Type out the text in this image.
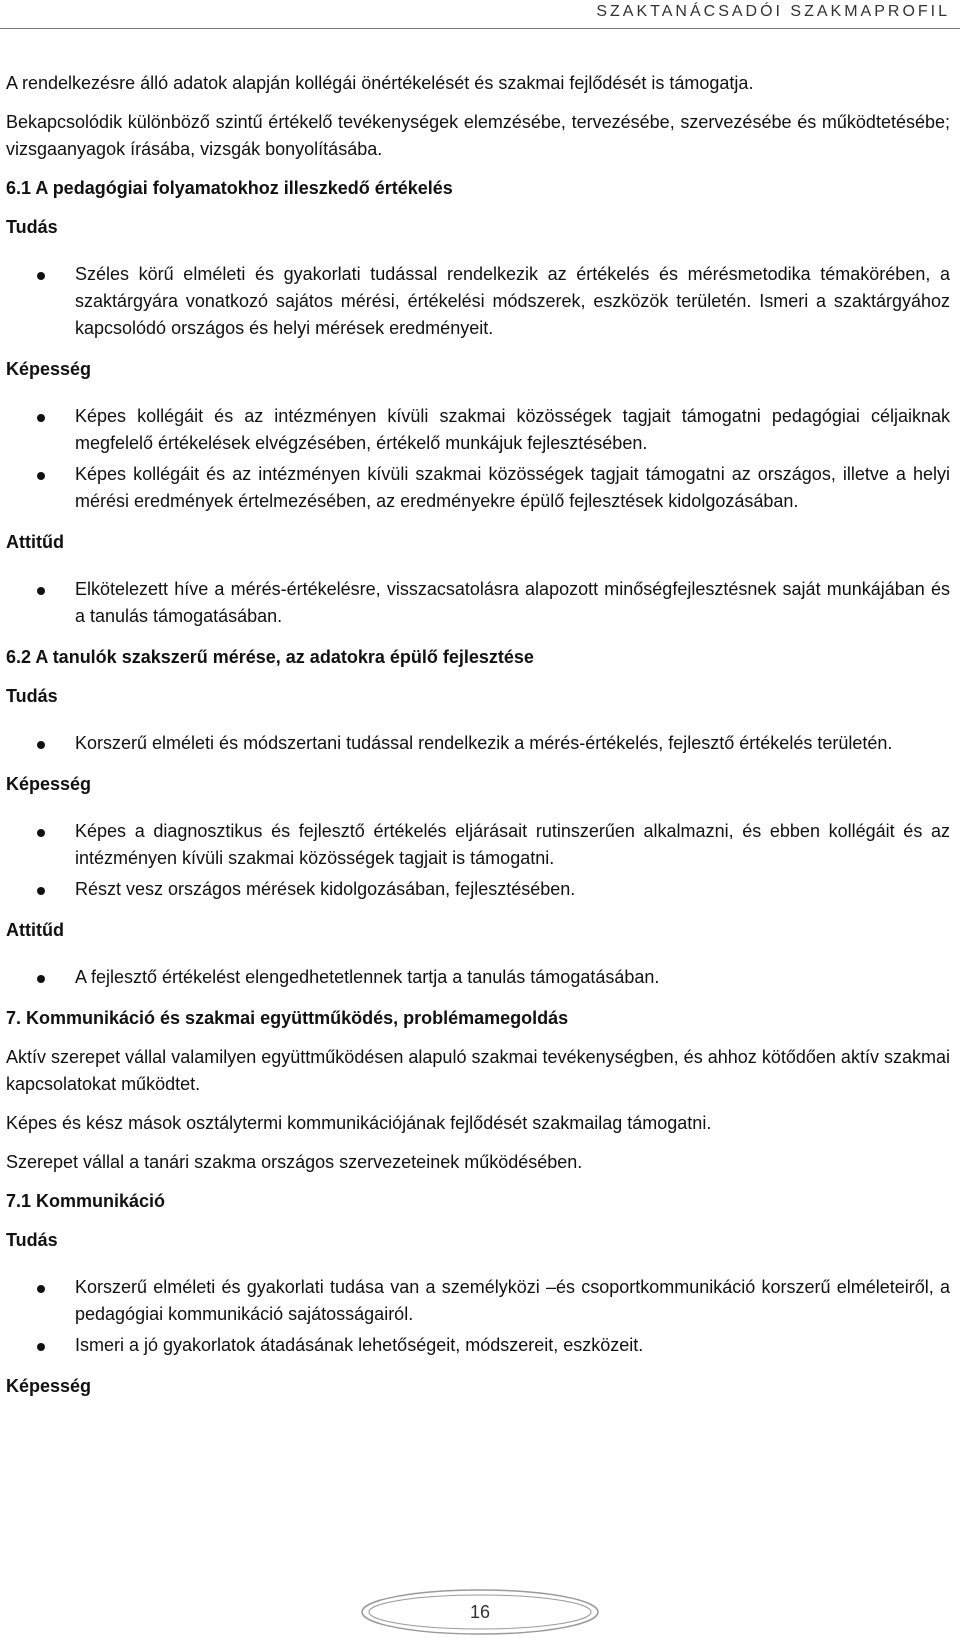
SZAKTANÁCSADÓI SZAKMAPROFIL

A rendelkezésre álló adatok alapján kollégái önértékelését és szakmai fejlődését is támogatja.

Bekapcsolódik különböző szintű értékelő tevékenységek elemzésébe, tervezésébe, szervezésébe és működtetésébe; vizsgaanyagok írásába, vizsgák bonyolításába.

6.1 A pedagógiai folyamatokhoz illeszkedő értékelés
Tudás
Széles körű elméleti és gyakorlati tudással rendelkezik az értékelés és mérésmetodika témakörében, a szaktárgyára vonatkozó sajátos mérési, értékelési módszerek, eszközök területén. Ismeri a szaktárgyához kapcsolódó országos és helyi mérések eredményeit.
Képesség
Képes kollégáit és az intézményen kívüli szakmai közösségek tagjait támogatni pedagógiai céljaiknak megfelelő értékelések elvégzésében, értékelő munkájuk fejlesztésében.
Képes kollégáit és az intézményen kívüli szakmai közösségek tagjait támogatni az országos, illetve a helyi mérési eredmények értelmezésében, az eredményekre épülő fejlesztések kidolgozásában.
Attitűd
Elkötelezett híve a mérés-értékelésre, visszacsatolásra alapozott minőségfejlesztésnek saját munkájában és a tanulás támogatásában.
6.2 A tanulók szakszerű mérése, az adatokra épülő fejlesztése
Tudás
Korszerű elméleti és módszertani tudással rendelkezik a mérés-értékelés, fejlesztő értékelés területén.
Képesség
Képes a diagnosztikus és fejlesztő értékelés eljárásait rutinszerűen alkalmazni, és ebben kollégáit és az intézményen kívüli szakmai közösségek tagjait is támogatni.
Részt vesz országos mérések kidolgozásában, fejlesztésében.
Attitűd
A fejlesztő értékelést elengedhetetlennek tartja a tanulás támogatásában.
7. Kommunikáció és szakmai együttműködés, problémamegoldás

Aktív szerepet vállal valamilyen együttműködésen alapuló szakmai tevékenységben, és ahhoz kötődően aktív szakmai kapcsolatokat működtet.

Képes és kész mások osztálytermi kommunikációjának fejlődését szakmailag támogatni.

Szerepet vállal a tanári szakma országos szervezeteinek működésében.

7.1 Kommunikáció
Tudás
Korszerű elméleti és gyakorlati tudása van a személyközi –és csoportkommunikáció korszerű elméleteiről, a pedagógiai kommunikáció sajátosságairól.
Ismeri a jó gyakorlatok átadásának lehetőségeit, módszereit, eszközeit.
Képesség
16
